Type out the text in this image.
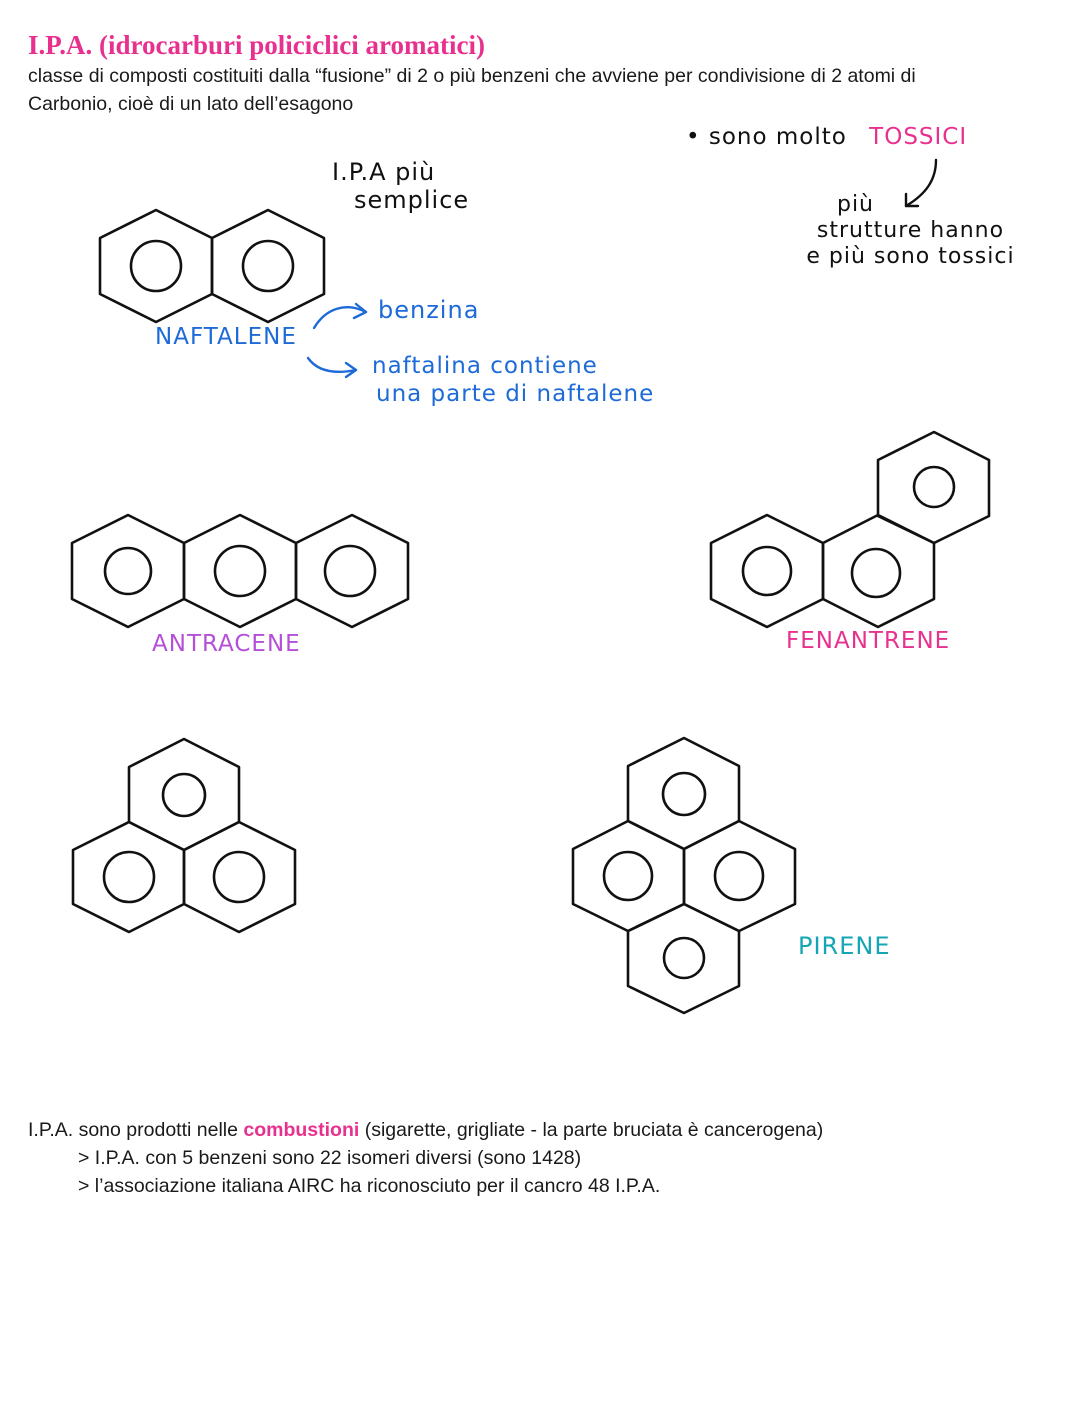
I.P.A. (idrocarburi policiclici aromatici)
classe di composti costituiti dalla “fusione” di 2 o più benzeni che avviene per condivisione di 2 atomi di
Carbonio, cioè di un lato dell’esagono
I.P.A più
semplice
• sono molto TOSSICI
più
strutture hanno
e più sono tossici
benzina
naftalina contiene
una parte di naftalene
NAFTALENE
ANTRACENE	FENANTRENE
PIRENE
I.P.A. sono prodotti nelle combustioni (sigarette, grigliate - la parte bruciata è cancerogena)
> I.P.A. con 5 benzeni sono 22 isomeri diversi (sono 1428)
> l’associazione italiana AIRC ha riconosciuto per il cancro 48 I.P.A.
